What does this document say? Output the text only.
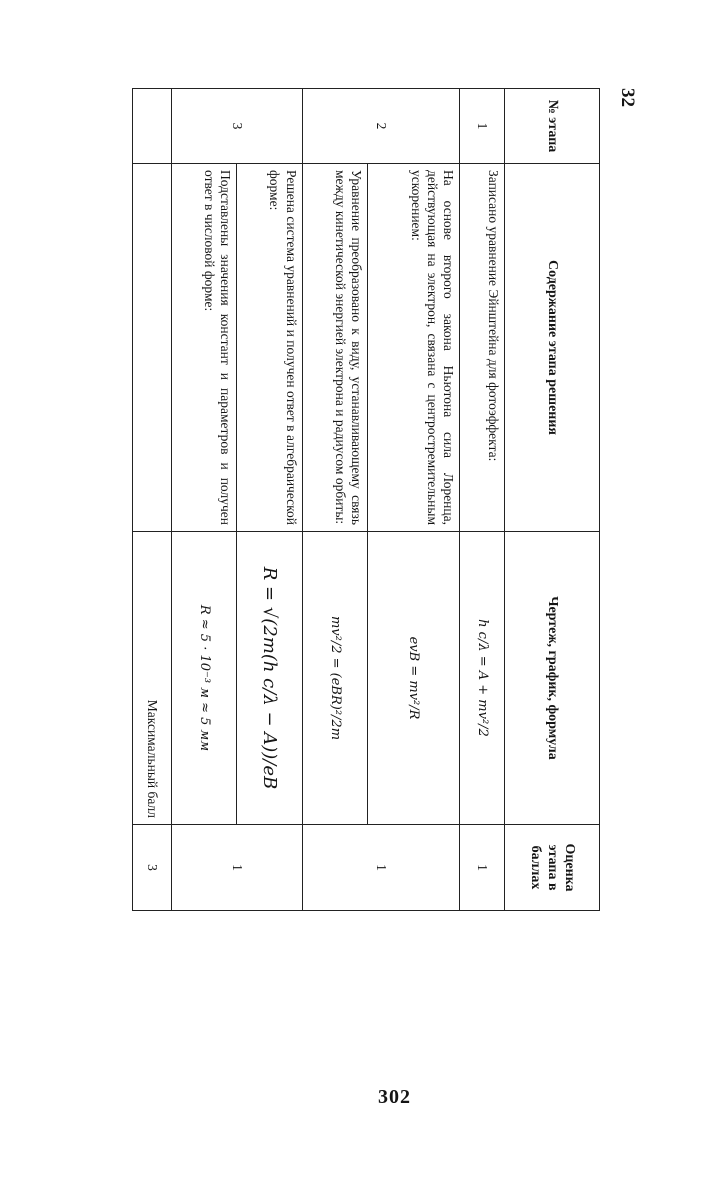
32
№ этапа	Содержание этапа решения	Чертеж, график, формула	Оценка этапа в баллах
1	Записано уравнение Эйнштейна для фотоэффекта:	h c/λ = A + mv²/2	1
2	На основе второго закона Ньютона сила Лоренца, действующая на электрон, связана с центростремительным ускорением:	evB = mv²/R	1
	Уравнение преобразовано к виду, устанавливающему связь между кинетической энергией электрона и радиусом орбиты:	mv²/2 = (eBR)²/2m	

3	Решена система уравнений и получен ответ в алгебраической форме:	R = √(2m(h c/λ − A))/eB	1
	Подставлены значения констант и параметров и получен ответ в числовой форме:	R ≈ 5 · 10⁻³ м ≈ 5 мм	

		Максимальный балл	3
302
